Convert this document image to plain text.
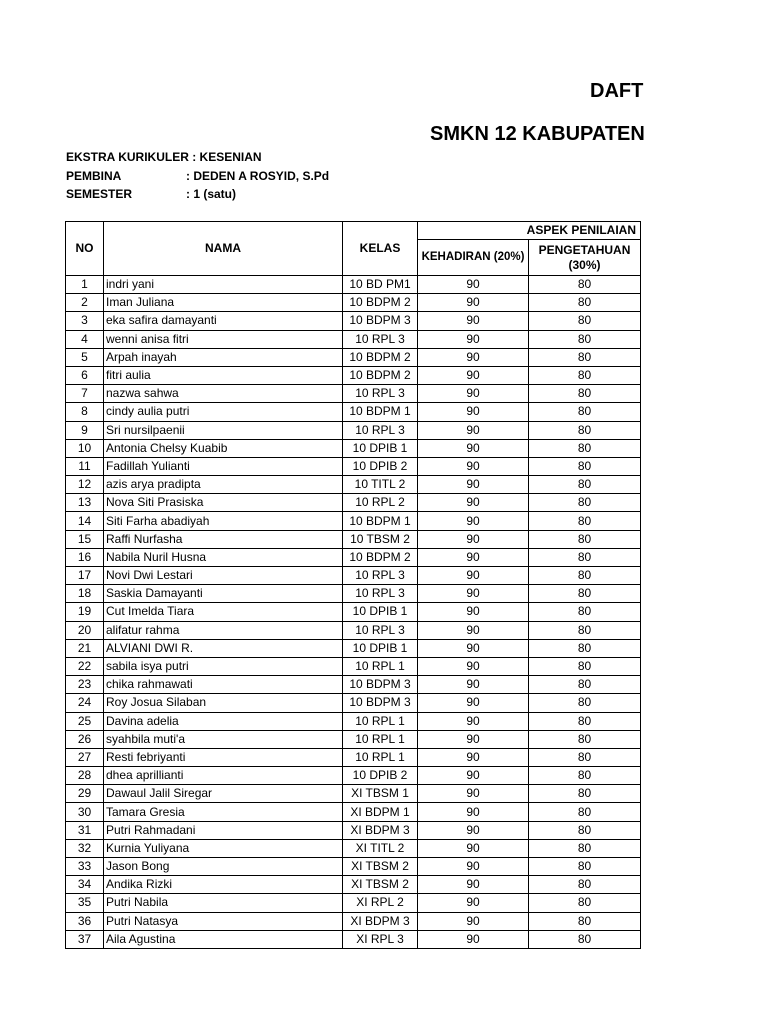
DAFT
SMKN 12 KABUPATEN
EKSTRA KURIKULER : KESENIAN
PEMBINA	: DEDEN A ROSYID, S.Pd
SEMESTER	: 1 (satu)
NO	NAMA	KELAS	ASPEK PENILAIAN	
			KEHADIRAN (20%)	PENGETAHUAN (30%)
1	indri yani	10 BD PM1	90	80
2	Iman Juliana	10 BDPM 2	90	80
3	eka safira damayanti	10 BDPM 3	90	80
4	wenni anisa fitri	10 RPL 3	90	80
5	Arpah inayah	10 BDPM 2	90	80
6	fitri aulia	10 BDPM 2	90	80
7	nazwa sahwa	10 RPL 3	90	80
8	cindy aulia putri	10 BDPM 1	90	80
9	Sri nursilpaenii	10 RPL 3	90	80
10	Antonia Chelsy Kuabib	10 DPIB 1	90	80
11	Fadillah Yulianti	10 DPIB 2	90	80
12	azis arya pradipta	10 TITL 2	90	80
13	Nova Siti Prasiska	10 RPL 2	90	80
14	Siti Farha abadiyah	10 BDPM 1	90	80
15	Raffi Nurfasha	10 TBSM 2	90	80
16	Nabila Nuril Husna	10 BDPM 2	90	80
17	Novi Dwi Lestari	10 RPL 3	90	80
18	Saskia Damayanti	10 RPL 3	90	80
19	Cut Imelda Tiara	10 DPIB 1	90	80
20	alifatur rahma	10 RPL 3	90	80
21	ALVIANI DWI R.	10 DPIB 1	90	80
22	sabila isya putri	10 RPL 1	90	80
23	chika rahmawati	10 BDPM 3	90	80
24	Roy Josua Silaban	10 BDPM 3	90	80
25	Davina adelia	10 RPL 1	90	80
26	syahbila muti'a	10 RPL 1	90	80
27	Resti febriyanti	10 RPL 1	90	80
28	dhea aprillianti	10 DPIB 2	90	80
29	Dawaul Jalil Siregar	XI TBSM 1	90	80
30	Tamara Gresia	XI BDPM 1	90	80
31	Putri Rahmadani	XI BDPM 3	90	80
32	Kurnia Yuliyana	XI TITL 2	90	80
33	Jason Bong	XI TBSM 2	90	80
34	Andika Rizki	XI TBSM 2	90	80
35	Putri Nabila	XI RPL 2	90	80
36	Putri Natasya	XI BDPM 3	90	80
37	Aila Agustina	XI RPL 3	90	80
